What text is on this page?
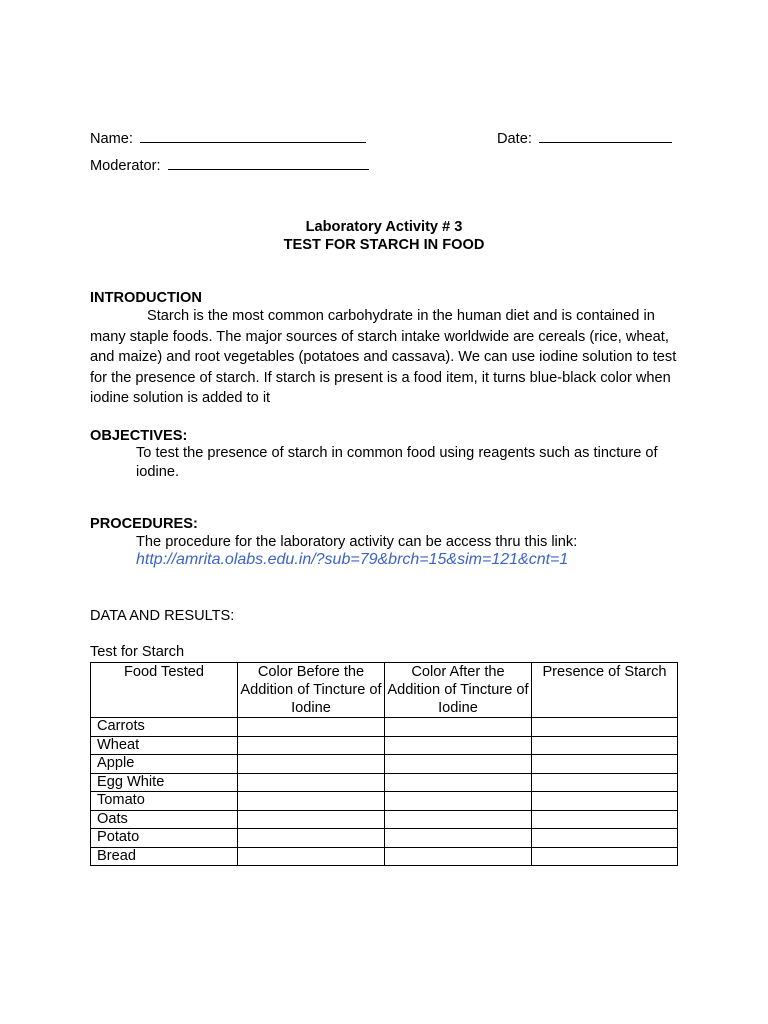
Name:	Date:
Moderator:
Laboratory Activity # 3
TEST FOR STARCH IN FOOD
INTRODUCTION
Starch is the most common carbohydrate in the human diet and is contained in many staple foods. The major sources of starch intake worldwide are cereals (rice, wheat, and maize) and root vegetables (potatoes and cassava). We can use iodine solution to test for the presence of starch. If starch is present is a food item, it turns blue-black color when iodine solution is added to it
OBJECTIVES:
To test the presence of starch in common food using reagents such as tincture of iodine.
PROCEDURES:
The procedure for the laboratory activity can be access thru this link:
http://amrita.olabs.edu.in/?sub=79&brch=15&sim=121&cnt=1
DATA AND RESULTS:
Test for Starch
Food Tested	Color Before the Addition of Tincture of Iodine	Color After the Addition of Tincture of Iodine	Presence of Starch
Carrots			
Wheat			
Apple			
Egg White			
Tomato			
Oats			
Potato			
Bread			
